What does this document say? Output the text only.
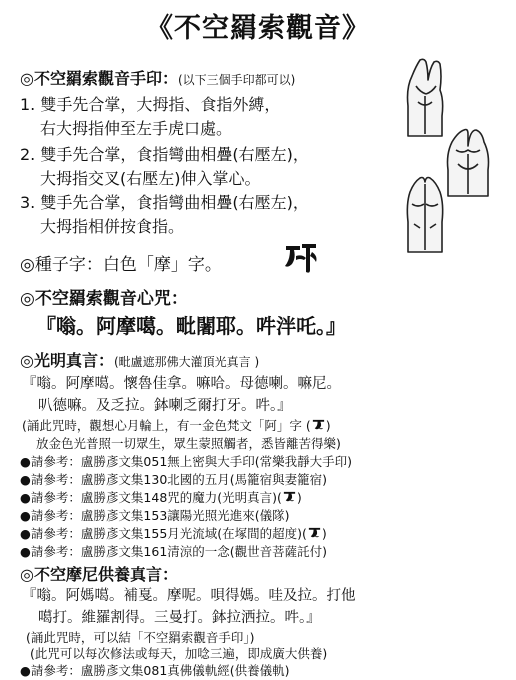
《不空羂索觀音》
◎不空羂索觀音手印：(以下三個手印都可以)
1. 雙手先合掌，大拇指、食指外縛，
右大拇指伸至左手虎口處。
2. 雙手先合掌，食指彎曲相疊(右壓左)，
大拇指交叉(右壓左)伸入掌心。
3. 雙手先合掌，食指彎曲相疊(右壓左)，
大拇指相併按食指。
◎種子字：白色「摩」字。
◎不空羂索觀音心咒：
『嗡。阿摩噶。毗闍耶。吽泮吒。』
◎光明真言：(毗盧遮那佛大灌頂光真言 )
『嗡。阿摩噶。懷魯佳拿。嘛哈。母德喇。嘛尼。
叭德嘛。及乏拉。鉢喇乏爾打牙。吽。』
(誦此咒時，觀想心月輪上，有一金色梵文「阿」字 ( )
放金色光普照一切眾生，眾生蒙照觸者，悉皆離苦得樂)
●請參考：盧勝彥文集051無上密與大手印(常樂我靜大手印)
●請參考：盧勝彥文集130北國的五月(馬籠宿與妻籠宿)
●請參考：盧勝彥文集148咒的魔力(光明真言)( )
●請參考：盧勝彥文集153讓陽光照光進來(儀隊)
●請參考：盧勝彥文集155月光流域(在塚間的超度)( )
●請參考：盧勝彥文集161清涼的一念(觀世音菩薩託付)
◎不空摩尼供養真言：
『嗡。阿媽噶。補戛。摩呢。唄得媽。哇及拉。打他
噶打。維羅割得。三曼打。鉢拉洒拉。吽。』
(誦此咒時，可以結「不空羂索觀音手印」)
(此咒可以每次修法或每天，加唸三遍，即成廣大供養)
●請參考：盧勝彥文集081真佛儀軌經(供養儀軌)
